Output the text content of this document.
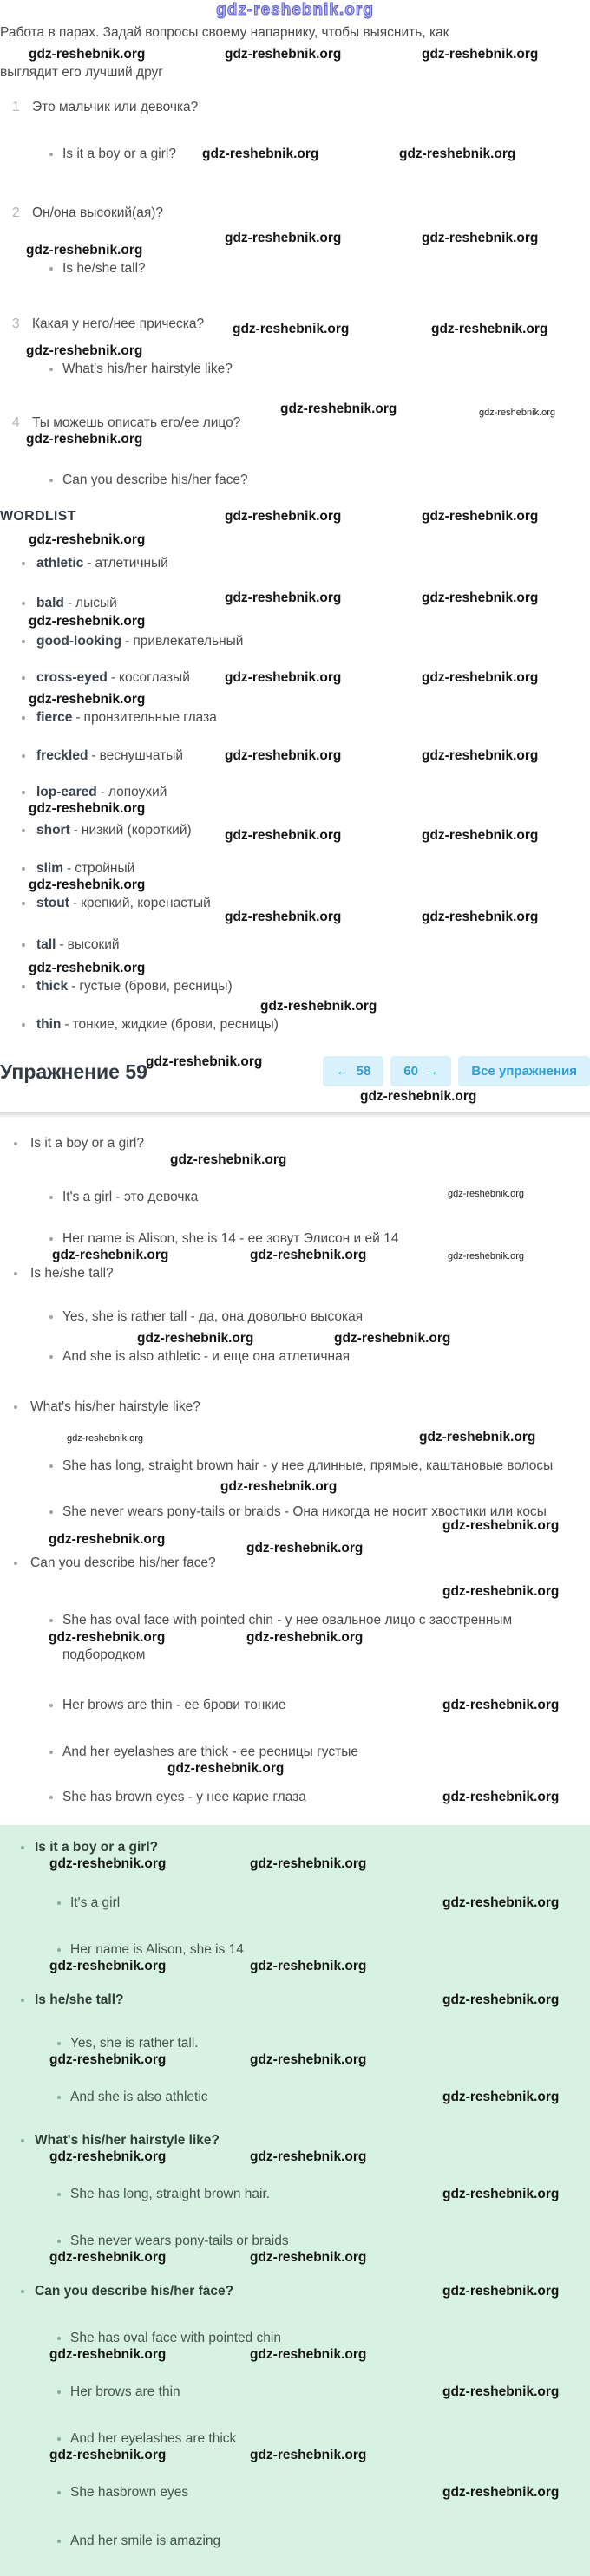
gdz-reshebnik.org
Работа в парах. Задай вопросы своему напарнику, чтобы выяснить, как
gdz-reshebnik.org	gdz-reshebnik.org	gdz-reshebnik.org
выглядит его лучший друг
1 Это мальчик или девочка?
Is it a boy or a girl? gdz-reshebnik.org	gdz-reshebnik.org
2 Он/она высокий(ая)?
gdz-reshebnik.org	gdz-reshebnik.org
gdz-reshebnik.org
Is he/she tall?
3 Какая у него/нее прическа? gdz-reshebnik.org	gdz-reshebnik.org
gdz-reshebnik.org
What's his/her hairstyle like?
gdz-reshebnik.org	gdz-reshebnik.org
4 Ты можешь описать его/ее лицо?
gdz-reshebnik.org
Can you describe his/her face?
WORDLIST	gdz-reshebnik.org	gdz-reshebnik.org
gdz-reshebnik.org
athletic - атлетичный
gdz-reshebnik.org	gdz-reshebnik.org
bald - лысый
gdz-reshebnik.org
good-looking - привлекательный
gdz-reshebnik.org	gdz-reshebnik.org
cross-eyed - косоглазый
gdz-reshebnik.org
fierce - пронзительные глаза
gdz-reshebnik.org	gdz-reshebnik.org
freckled - веснушчатый
lop-eared - лопоухий
gdz-reshebnik.org
gdz-reshebnik.org	gdz-reshebnik.org
short - низкий (короткий)
slim - стройный
gdz-reshebnik.org
gdz-reshebnik.org	gdz-reshebnik.org
stout - крепкий, коренастый
tall - высокий
gdz-reshebnik.org
thick - густые (брови, ресницы)
gdz-reshebnik.org
thin - тонкие, жидкие (брови, ресницы)
Упражнение 59
gdz-reshebnik.org
← 58	60 →	Все упражнения
gdz-reshebnik.org
Is it a boy or a girl?
gdz-reshebnik.org
gdz-reshebnik.org
It's a girl - это девочка
Her name is Alison, she is 14 - ее зовут Элисон и ей 14
gdz-reshebnik.org	gdz-reshebnik.org	gdz-reshebnik.org
Is he/she tall?
Yes, she is rather tall - да, она довольно высокая
gdz-reshebnik.org	gdz-reshebnik.org
And she is also athletic - и еще она атлетичная
What's his/her hairstyle like?
gdz-reshebnik.org	gdz-reshebnik.org
gdz-reshebnik.org
She has long, straight brown hair - у нее длинные, прямые, каштановые волосы
gdz-reshebnik.org
gdz-reshebnik.org
She never wears pony-tails or braids - Она никогда не носит хвостики или косы
gdz-reshebnik.org
Can you describe his/her face?
gdz-reshebnik.org
gdz-reshebnik.org	gdz-reshebnik.org
She has oval face with pointed chin - у нее овальное лицо с заостренным подбородком
gdz-reshebnik.org
Her brows are thin - ее брови тонкие
And her eyelashes are thick - ее ресницы густые
gdz-reshebnik.org
gdz-reshebnik.org
She has brown eyes - у нее карие глаза
Is it a boy or a girl?
gdz-reshebnik.org	gdz-reshebnik.org
gdz-reshebnik.org
It's a girl
Her name is Alison, she is 14
gdz-reshebnik.org	gdz-reshebnik.org
gdz-reshebnik.org
Is he/she tall?
Yes, she is rather tall.
gdz-reshebnik.org	gdz-reshebnik.org
gdz-reshebnik.org
And she is also athletic
What's his/her hairstyle like?
gdz-reshebnik.org	gdz-reshebnik.org
gdz-reshebnik.org
She has long, straight brown hair.
She never wears pony-tails or braids
gdz-reshebnik.org	gdz-reshebnik.org
gdz-reshebnik.org
Can you describe his/her face?
She has oval face with pointed chin
gdz-reshebnik.org	gdz-reshebnik.org
gdz-reshebnik.org
Her brows are thin
And her eyelashes are thick
gdz-reshebnik.org	gdz-reshebnik.org
gdz-reshebnik.org
She hasbrown eyes
And her smile is amazing
